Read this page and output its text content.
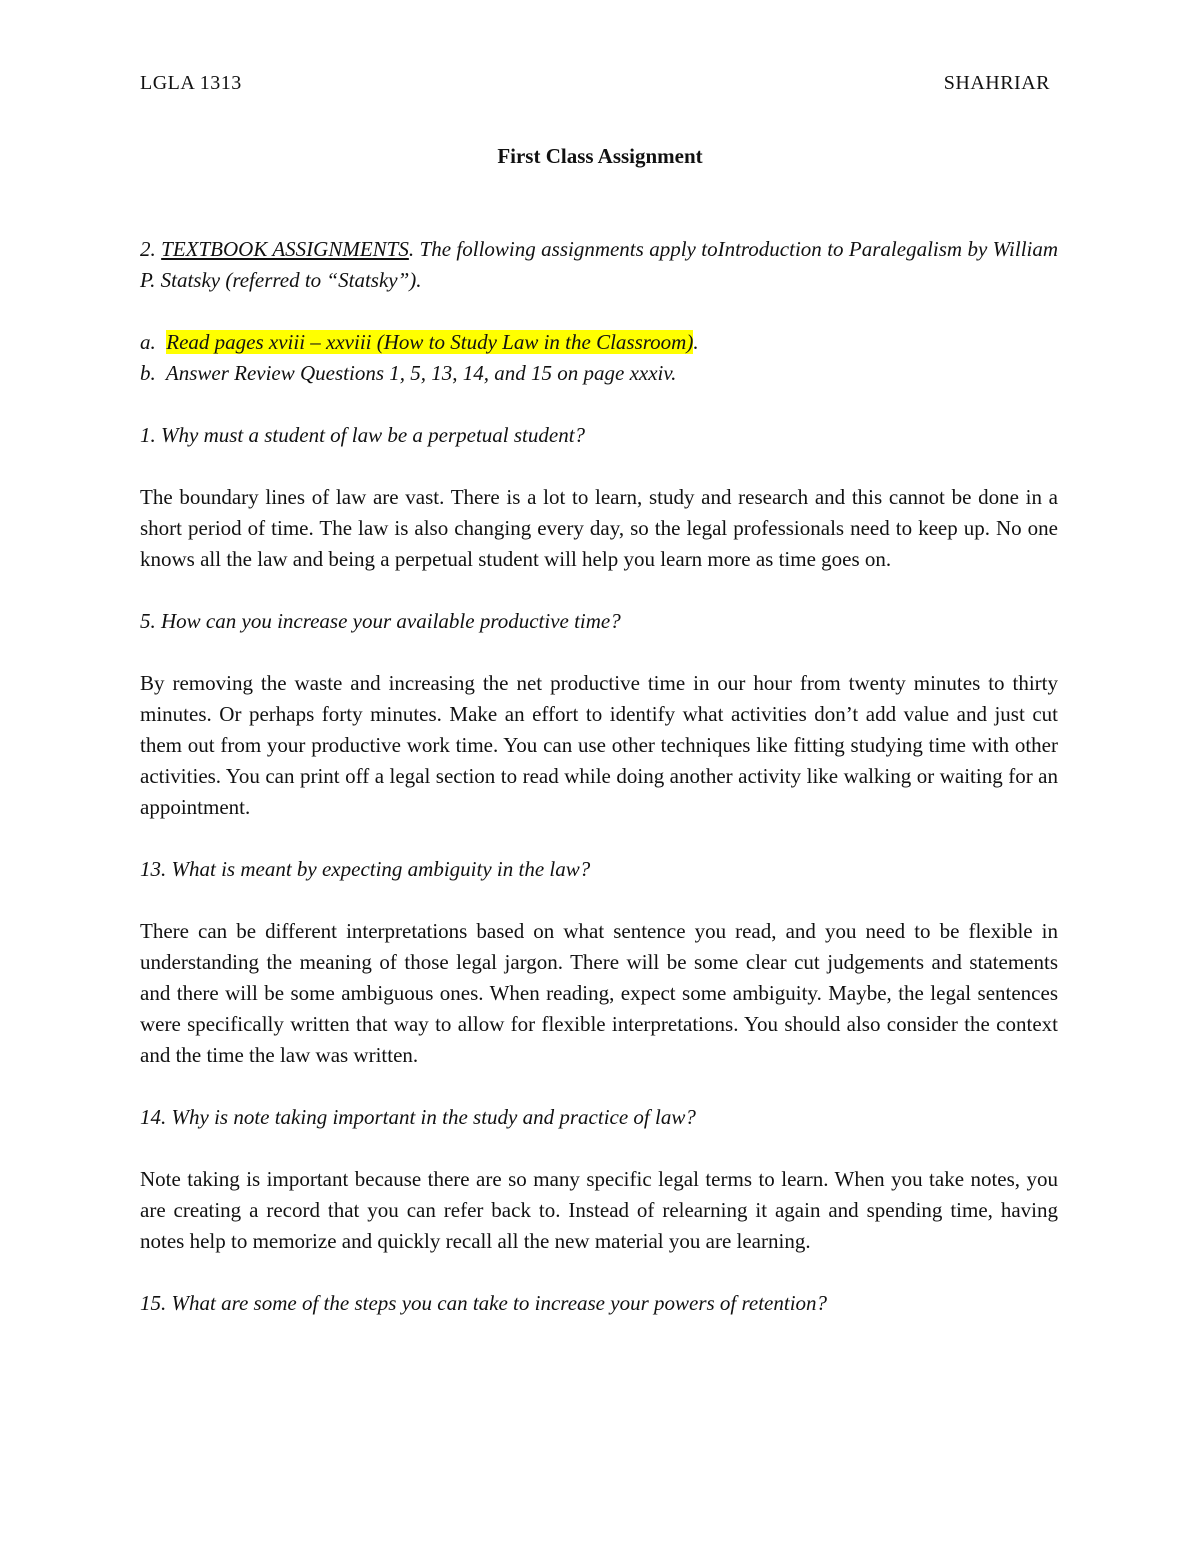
LGLA 1313	SHAHRIAR
First Class Assignment

2. TEXTBOOK ASSIGNMENTS. The following assignments apply toIntroduction to Paralegalism by William P. Statsky (referred to “Statsky”).

a. Read pages xviii – xxviii (How to Study Law in the Classroom).
b. Answer Review Questions 1, 5, 13, 14, and 15 on page xxxiv.

1. Why must a student of law be a perpetual student?

The boundary lines of law are vast. There is a lot to learn, study and research and this cannot be done in a short period of time. The law is also changing every day, so the legal professionals need to keep up. No one knows all the law and being a perpetual student will help you learn more as time goes on.

5. How can you increase your available productive time?

By removing the waste and increasing the net productive time in our hour from twenty minutes to thirty minutes. Or perhaps forty minutes. Make an effort to identify what activities don’t add value and just cut them out from your productive work time. You can use other techniques like fitting studying time with other activities. You can print off a legal section to read while doing another activity like walking or waiting for an appointment.

13. What is meant by expecting ambiguity in the law?

There can be different interpretations based on what sentence you read, and you need to be flexible in understanding the meaning of those legal jargon. There will be some clear cut judgements and statements and there will be some ambiguous ones. When reading, expect some ambiguity. Maybe, the legal sentences were specifically written that way to allow for flexible interpretations. You should also consider the context and the time the law was written.

14. Why is note taking important in the study and practice of law?

Note taking is important because there are so many specific legal terms to learn. When you take notes, you are creating a record that you can refer back to. Instead of relearning it again and spending time, having notes help to memorize and quickly recall all the new material you are learning.

15. What are some of the steps you can take to increase your powers of retention?
